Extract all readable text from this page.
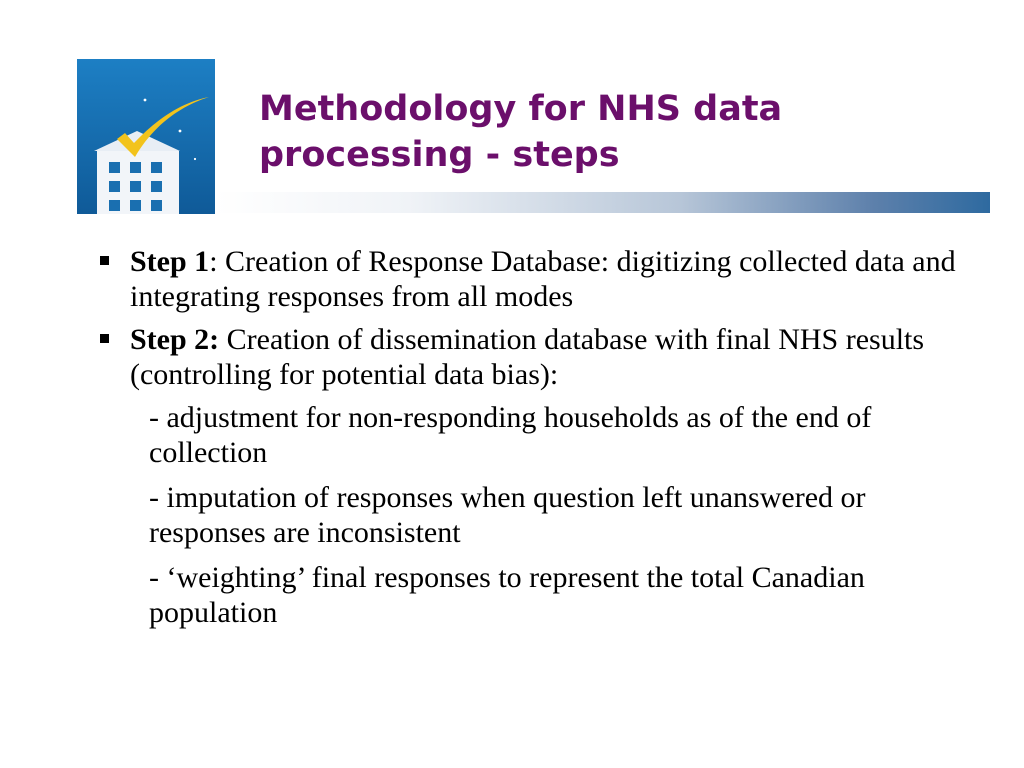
Methodology for NHS data processing - steps
Step 1: Creation of Response Database: digitizing collected data and integrating responses from all modes
Step 2: Creation of dissemination database with final NHS results (controlling for potential data bias):
- adjustment for non-responding households as of the end of collection
- imputation of responses when question left unanswered or responses are inconsistent
- ‘weighting’ final responses to represent the total Canadian population
